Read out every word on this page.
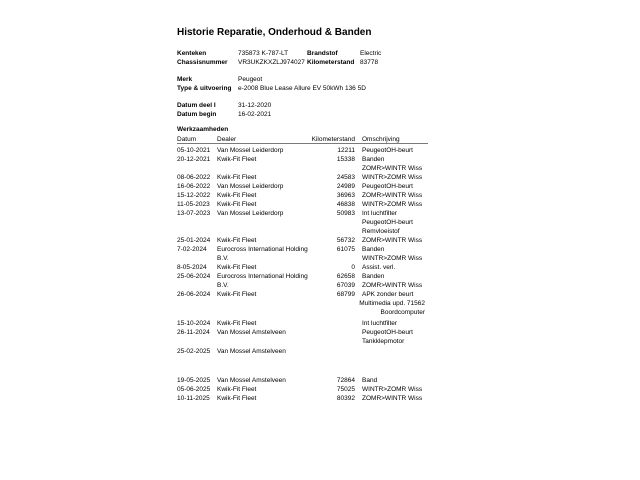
Historie Reparatie, Onderhoud & Banden
Kenteken	735873 K-787-LT	Brandstof	Electric
Chassisnummer	VR3UKZKXZLJ974027 Kilometerstand 83778
Merk	Peugeot
Type & uitvoering	e-2008 Blue Lease Allure EV 50kWh 136 5D
Datum deel I	31-12-2020
Datum begin	16-02-2021
Werkzaamheden
Datum	Dealer	Kilometerstand Omschrijving
05-10-2021	Van Mossel Leiderdorp	12211 PeugeotOH-beurt
20-12-2021	Kwik-Fit Fleet	15338 Banden
ZOMR>WINTR Wiss
08-06-2022	Kwik-Fit Fleet	24583 WINTR>ZOMR Wiss
16-06-2022	Van Mossel Leiderdorp	24989 PeugeotOH-beurt
15-12-2022	Kwik-Fit Fleet	36963 ZOMR>WINTR Wiss
11-05-2023	Kwik-Fit Fleet	46838 WINTR>ZOMR Wiss
13-07-2023	Van Mossel Leiderdorp	50983 Int luchtfilter
PeugeotOH-beurt
Remvloeistof
25-01-2024	Kwik-Fit Fleet	56732 ZOMR>WINTR Wiss
7-02-2024	Eurocross International Holding	61075 Banden
B.V.	WINTR>ZOMR Wiss
8-05-2024	Kwik-Fit Fleet	0 Assist. verl.
25-06-2024	Eurocross International Holding	62658 Banden
B.V.	67039 ZOMR>WINTR Wiss
26-06-2024	Kwik-Fit Fleet	68799 APK zonder beurt
Multimedia upd. 71562
Boordcomputer
15-10-2024	Kwik-Fit Fleet	Int luchtfilter
26-11-2024	Van Mossel Amstelveen	PeugeotOH-beurt
Tankklepmotor
25-02-2025	Van Mossel Amstelveen
19-05-2025	Van Mossel Amstelveen	72864 Band
05-06-2025	Kwik-Fit Fleet	75025 WINTR>ZOMR Wiss
10-11-2025	Kwik-Fit Fleet	80392 ZOMR>WINTR Wiss
